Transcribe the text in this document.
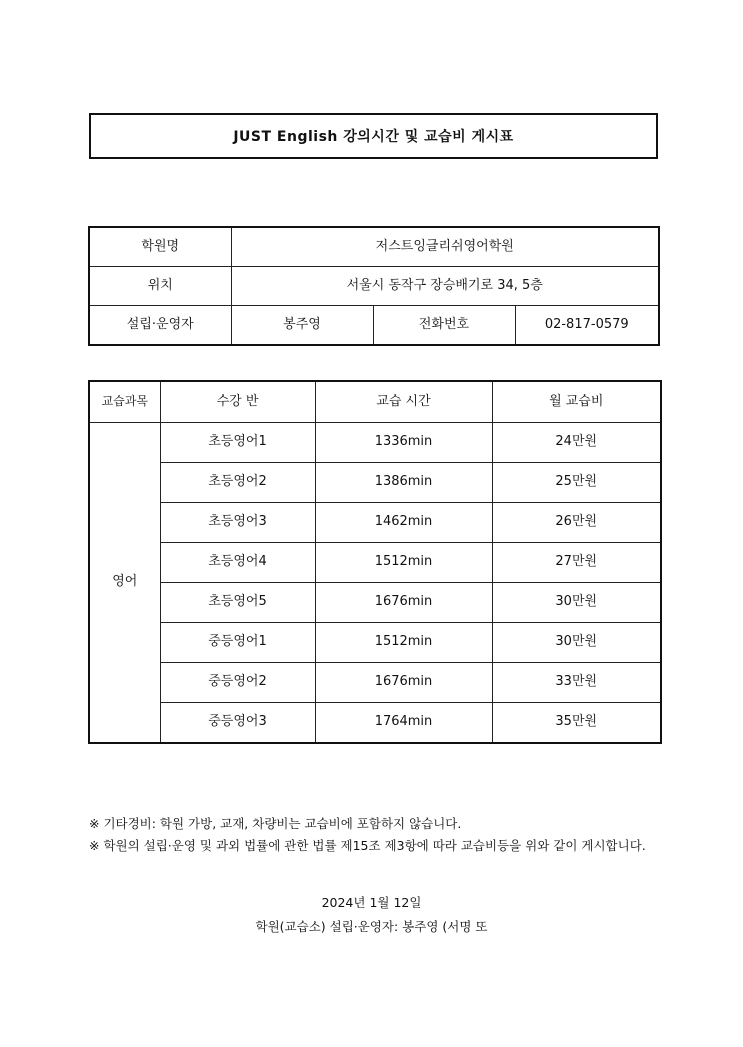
JUST English 강의시간 및 교습비 게시표
학원명	저스트잉글리쉬영어학원		
위치	서울시 동작구 장승배기로 34, 5층		
설립·운영자	봉주영	전화번호	02-817-0579
교습과목	수강 반	교습 시간	월 교습비
영어	초등영어1	1336min	24만원
	초등영어2	1386min	25만원
	초등영어3	1462min	26만원
	초등영어4	1512min	27만원
	초등영어5	1676min	30만원
	중등영어1	1512min	30만원
	중등영어2	1676min	33만원
	중등영어3	1764min	35만원

※ 기타경비: 학원 가방, 교재, 차량비는 교습비에 포함하지 않습니다.

※ 학원의 설립·운영 및 과외 법률에 관한 법률 제15조 제3항에 따라 교습비등을 위와 같이 게시합니다.

2024년 1월 12일
학원(교습소) 설립·운영자: 봉주영 (서명 또
